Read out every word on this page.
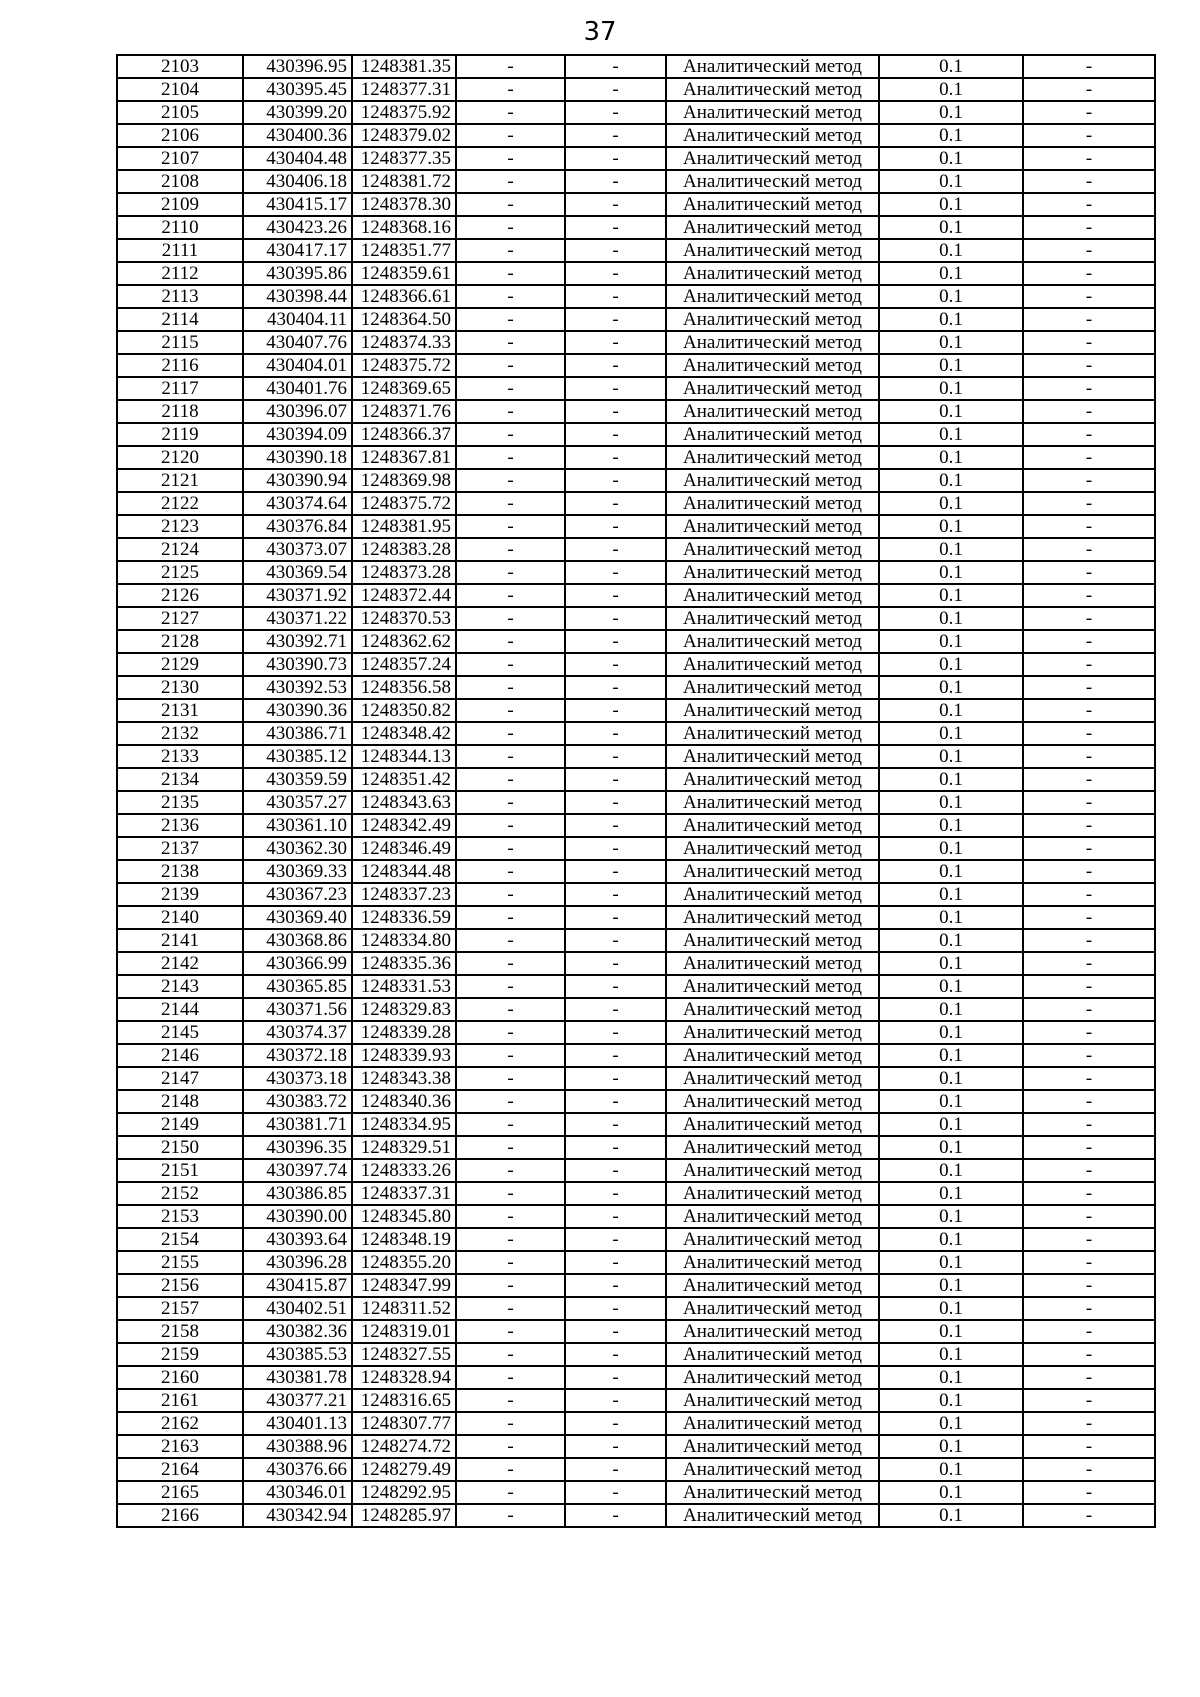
37
2103	430396.95	1248381.35	-	-	Аналитический метод	0.1	-
2104	430395.45	1248377.31	-	-	Аналитический метод	0.1	-
2105	430399.20	1248375.92	-	-	Аналитический метод	0.1	-
2106	430400.36	1248379.02	-	-	Аналитический метод	0.1	-
2107	430404.48	1248377.35	-	-	Аналитический метод	0.1	-
2108	430406.18	1248381.72	-	-	Аналитический метод	0.1	-
2109	430415.17	1248378.30	-	-	Аналитический метод	0.1	-
2110	430423.26	1248368.16	-	-	Аналитический метод	0.1	-
2111	430417.17	1248351.77	-	-	Аналитический метод	0.1	-
2112	430395.86	1248359.61	-	-	Аналитический метод	0.1	-
2113	430398.44	1248366.61	-	-	Аналитический метод	0.1	-
2114	430404.11	1248364.50	-	-	Аналитический метод	0.1	-
2115	430407.76	1248374.33	-	-	Аналитический метод	0.1	-
2116	430404.01	1248375.72	-	-	Аналитический метод	0.1	-
2117	430401.76	1248369.65	-	-	Аналитический метод	0.1	-
2118	430396.07	1248371.76	-	-	Аналитический метод	0.1	-
2119	430394.09	1248366.37	-	-	Аналитический метод	0.1	-
2120	430390.18	1248367.81	-	-	Аналитический метод	0.1	-
2121	430390.94	1248369.98	-	-	Аналитический метод	0.1	-
2122	430374.64	1248375.72	-	-	Аналитический метод	0.1	-
2123	430376.84	1248381.95	-	-	Аналитический метод	0.1	-
2124	430373.07	1248383.28	-	-	Аналитический метод	0.1	-
2125	430369.54	1248373.28	-	-	Аналитический метод	0.1	-
2126	430371.92	1248372.44	-	-	Аналитический метод	0.1	-
2127	430371.22	1248370.53	-	-	Аналитический метод	0.1	-
2128	430392.71	1248362.62	-	-	Аналитический метод	0.1	-
2129	430390.73	1248357.24	-	-	Аналитический метод	0.1	-
2130	430392.53	1248356.58	-	-	Аналитический метод	0.1	-
2131	430390.36	1248350.82	-	-	Аналитический метод	0.1	-
2132	430386.71	1248348.42	-	-	Аналитический метод	0.1	-
2133	430385.12	1248344.13	-	-	Аналитический метод	0.1	-
2134	430359.59	1248351.42	-	-	Аналитический метод	0.1	-
2135	430357.27	1248343.63	-	-	Аналитический метод	0.1	-
2136	430361.10	1248342.49	-	-	Аналитический метод	0.1	-
2137	430362.30	1248346.49	-	-	Аналитический метод	0.1	-
2138	430369.33	1248344.48	-	-	Аналитический метод	0.1	-
2139	430367.23	1248337.23	-	-	Аналитический метод	0.1	-
2140	430369.40	1248336.59	-	-	Аналитический метод	0.1	-
2141	430368.86	1248334.80	-	-	Аналитический метод	0.1	-
2142	430366.99	1248335.36	-	-	Аналитический метод	0.1	-
2143	430365.85	1248331.53	-	-	Аналитический метод	0.1	-
2144	430371.56	1248329.83	-	-	Аналитический метод	0.1	-
2145	430374.37	1248339.28	-	-	Аналитический метод	0.1	-
2146	430372.18	1248339.93	-	-	Аналитический метод	0.1	-
2147	430373.18	1248343.38	-	-	Аналитический метод	0.1	-
2148	430383.72	1248340.36	-	-	Аналитический метод	0.1	-
2149	430381.71	1248334.95	-	-	Аналитический метод	0.1	-
2150	430396.35	1248329.51	-	-	Аналитический метод	0.1	-
2151	430397.74	1248333.26	-	-	Аналитический метод	0.1	-
2152	430386.85	1248337.31	-	-	Аналитический метод	0.1	-
2153	430390.00	1248345.80	-	-	Аналитический метод	0.1	-
2154	430393.64	1248348.19	-	-	Аналитический метод	0.1	-
2155	430396.28	1248355.20	-	-	Аналитический метод	0.1	-
2156	430415.87	1248347.99	-	-	Аналитический метод	0.1	-
2157	430402.51	1248311.52	-	-	Аналитический метод	0.1	-
2158	430382.36	1248319.01	-	-	Аналитический метод	0.1	-
2159	430385.53	1248327.55	-	-	Аналитический метод	0.1	-
2160	430381.78	1248328.94	-	-	Аналитический метод	0.1	-
2161	430377.21	1248316.65	-	-	Аналитический метод	0.1	-
2162	430401.13	1248307.77	-	-	Аналитический метод	0.1	-
2163	430388.96	1248274.72	-	-	Аналитический метод	0.1	-
2164	430376.66	1248279.49	-	-	Аналитический метод	0.1	-
2165	430346.01	1248292.95	-	-	Аналитический метод	0.1	-
2166	430342.94	1248285.97	-	-	Аналитический метод	0.1	-
